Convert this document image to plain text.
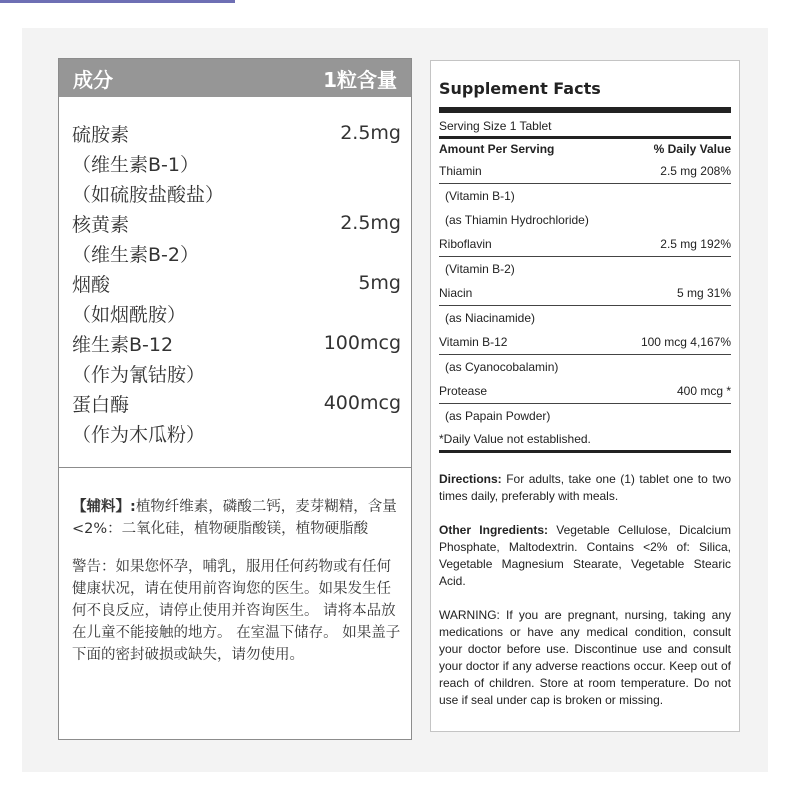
成分	1粒含量
硫胺素	2.5mg
（维生素B-1）
（如硫胺盐酸盐）
核黄素	2.5mg
（维生素B-2）
烟酸	5mg
（如烟酰胺）
维生素B-12	100mcg
（作为氰钴胺）
蛋白酶	400mcg
（作为木瓜粉）

【辅料】:植物纤维素，磷酸二钙，麦芽糊精，含量<2%：二氧化硅，植物硬脂酸镁，植物硬脂酸

警告：如果您怀孕，哺乳，服用任何药物或有任何健康状况，请在使用前咨询您的医生。如果发生任何不良反应，请停止使用并咨询医生。 请将本品放在儿童不能接触的地方。 在室温下储存。 如果盖子下面的密封破损或缺失，请勿使用。

Supplement Facts
Serving Size 1 Tablet
Amount Per Serving	% Daily Value
Thiamin	2.5 mg 208%
(Vitamin B-1)
(as Thiamin Hydrochloride)
Riboflavin	2.5 mg 192%
(Vitamin B-2)
Niacin	5 mg 31%
(as Niacinamide)
Vitamin B-12	100 mcg 4,167%
(as Cyanocobalamin)
Protease	400 mcg *
(as Papain Powder)
*Daily Value not established.

Directions: For adults, take one (1) tablet one to two times daily, preferably with meals.

Other Ingredients: Vegetable Cellulose, Dicalcium Phosphate, Maltodextrin. Contains <2% of: Silica, Vegetable Magnesium Stearate, Vegetable Stearic Acid.

WARNING: If you are pregnant, nursing, taking any medications or have any medical condition, consult your doctor before use. Discontinue use and consult your doctor if any adverse reactions occur. Keep out of reach of children. Store at room temperature. Do not use if seal under cap is broken or missing.
